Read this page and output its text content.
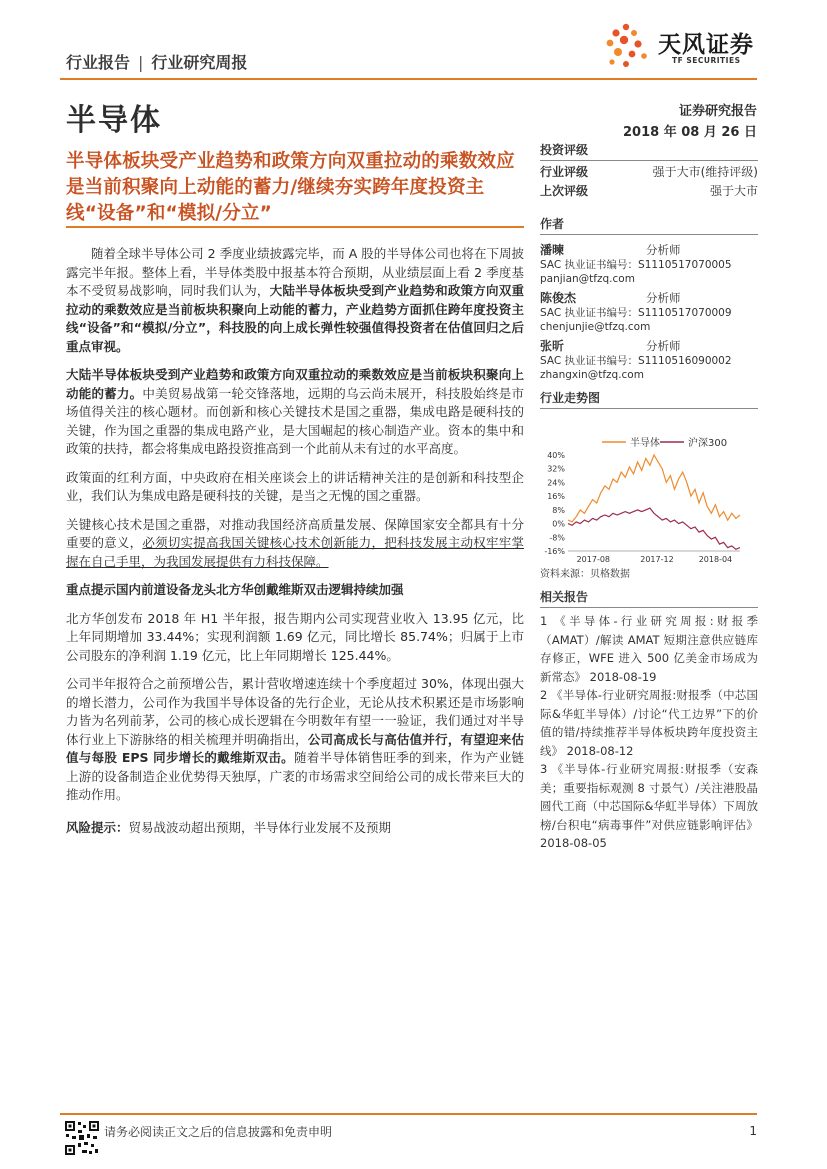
行业报告 | 行业研究周报
天风证券
TF SECURITIES
半导体	证券研究报告
2018 年 08 月 26 日
半导体板块受产业趋势和政策方向双重拉动的乘数效应是当前积聚向上动能的蓄力/继续夯实跨年度投资主线“设备”和“模拟/分立”

随着全球半导体公司 2 季度业绩披露完毕，而 A 股的半导体公司也将在下周披露完半年报。整体上看，半导体类股中报基本符合预期，从业绩层面上看 2 季度基本不受贸易战影响，同时我们认为，大陆半导体板块受到产业趋势和政策方向双重拉动的乘数效应是当前板块积聚向上动能的蓄力，产业趋势方面抓住跨年度投资主线“设备”和“模拟/分立”，科技股的向上成长弹性较强值得投资者在估值回归之后重点审视。

大陆半导体板块受到产业趋势和政策方向双重拉动的乘数效应是当前板块积聚向上动能的蓄力。中美贸易战第一轮交锋落地，远期的乌云尚未展开，科技股始终是市场值得关注的核心题材。而创新和核心关键技术是国之重器，集成电路是硬科技的关键，作为国之重器的集成电路产业，是大国崛起的核心制造产业。资本的集中和政策的扶持，都会将集成电路投资推高到一个此前从未有过的水平高度。

政策面的红利方面，中央政府在相关座谈会上的讲话精神关注的是创新和科技型企业，我们认为集成电路是硬科技的关键，是当之无愧的国之重器。

关键核心技术是国之重器，对推动我国经济高质量发展、保障国家安全都具有十分重要的意义，必须切实提高我国关键核心技术创新能力，把科技发展主动权牢牢掌握在自己手里，为我国发展提供有力科技保障。

重点提示国内前道设备龙头北方华创戴维斯双击逻辑持续加强

北方华创发布 2018 年 H1 半年报，报告期内公司实现营业收入 13.95 亿元，比上年同期增加 33.44%；实现利润额 1.69 亿元，同比增长 85.74%；归属于上市公司股东的净利润 1.19 亿元，比上年同期增长 125.44%。

公司半年报符合之前预增公告，累计营收增速连续十个季度超过 30%，体现出强大的增长潜力，公司作为我国半导体设备的先行企业，无论从技术积累还是市场影响力皆为名列前茅，公司的核心成长逻辑在今明数年有望一一验证，我们通过对半导体行业上下游脉络的相关梳理并明确指出，公司高成长与高估值并行，有望迎来估值与每股 EPS 同步增长的戴维斯双击。随着半导体销售旺季的到来，作为产业链上游的设备制造企业优势得天独厚，广袤的市场需求空间给公司的成长带来巨大的推动作用。

风险提示：贸易战波动超出预期，半导体行业发展不及预期

投资评级
行业评级	强于大市(维持评级)
上次评级	强于大市
作者
潘暕	分析师
SAC 执业证书编号：S1110517070005
panjian@tfzq.com
陈俊杰	分析师
SAC 执业证书编号：S1110517070009
chenjunjie@tfzq.com
张昕	分析师
SAC 执业证书编号：S1110516090002
zhangxin@tfzq.com
行业走势图
半导体	沪深300
40%
32%
24%
16%
8%
0%
-8%
-16%
2017-08	2017-12	2018-04
资料来源：贝格数据
相关报告

1 《半导体-行业研究周报:财报季（AMAT）/解读 AMAT 短期注意供应链库存修正，WFE 进入 500 亿美金市场成为新常态》 2018-08-19

2 《半导体-行业研究周报:财报季（中芯国际&华虹半导体）/讨论“代工边界”下的价值的错/持续推荐半导体板块跨年度投资主线》 2018-08-12

3 《半导体-行业研究周报:财报季（安森美；重要指标观测 8 寸景气）/关注港股晶圆代工商（中芯国际&华虹半导体）下周放榜/台积电“病毒事件”对供应链影响评估》 2018-08-05

请务必阅读正文之后的信息披露和免责申明	1
